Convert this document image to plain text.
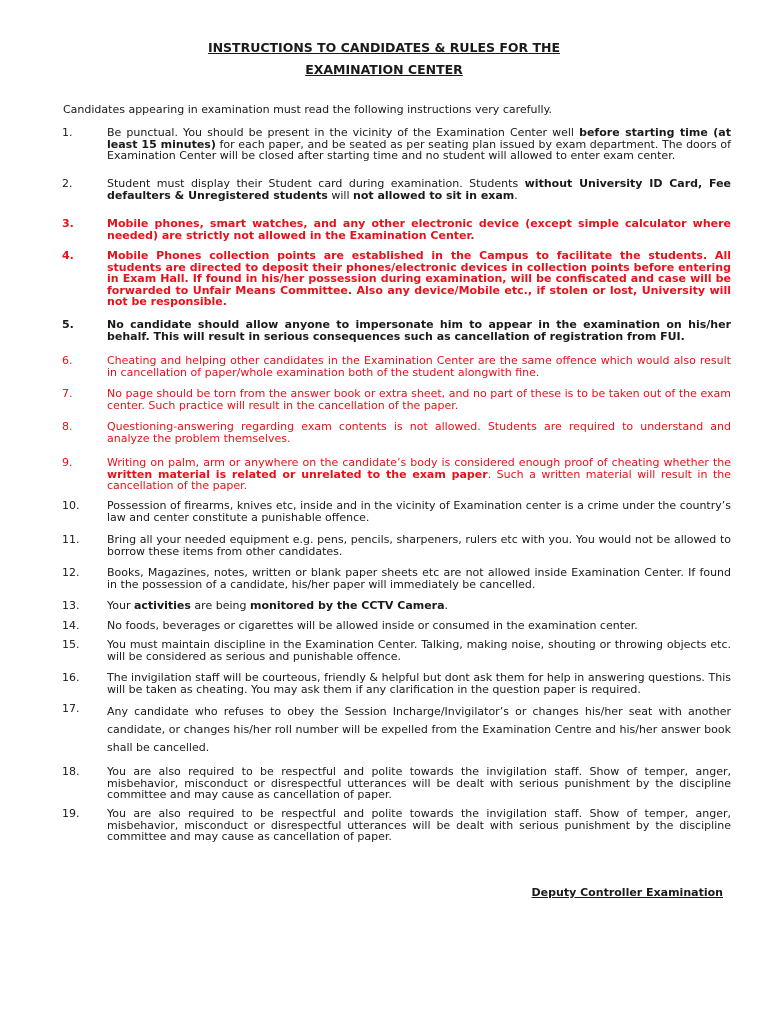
INSTRUCTIONS TO CANDIDATES & RULES FOR THE
EXAMINATION CENTER
Candidates appearing in examination must read the following instructions very carefully.
1.	Be punctual. You should be present in the vicinity of the Examination Center well before starting time (at least 15 minutes) for each paper, and be seated as per seating plan issued by exam department. The doors of Examination Center will be closed after starting time and no student will allowed to enter exam center.
2.	Student must display their Student card during examination. Students without University ID Card, Fee defaulters & Unregistered students will not allowed to sit in exam.
3.	Mobile phones, smart watches, and any other electronic device (except simple calculator where needed) are strictly not allowed in the Examination Center.
4.	Mobile Phones collection points are established in the Campus to facilitate the students. All students are directed to deposit their phones/electronic devices in collection points before entering in Exam Hall. If found in his/her possession during examination, will be confiscated and case will be forwarded to Unfair Means Committee. Also any device/Mobile etc., if stolen or lost, University will not be responsible.
5.	No candidate should allow anyone to impersonate him to appear in the examination on his/her behalf. This will result in serious consequences such as cancellation of registration from FUI.
6.	Cheating and helping other candidates in the Examination Center are the same offence which would also result in cancellation of paper/whole examination both of the student alongwith fine.
7.	No page should be torn from the answer book or extra sheet, and no part of these is to be taken out of the exam center. Such practice will result in the cancellation of the paper.
8.	Questioning-answering regarding exam contents is not allowed. Students are required to understand and analyze the problem themselves.
9.	Writing on palm, arm or anywhere on the candidate’s body is considered enough proof of cheating whether the written material is related or unrelated to the exam paper. Such a written material will result in the cancellation of the paper.
10.	Possession of firearms, knives etc, inside and in the vicinity of Examination center is a crime under the country’s law and center constitute a punishable offence.
11.	Bring all your needed equipment e.g. pens, pencils, sharpeners, rulers etc with you. You would not be allowed to borrow these items from other candidates.
12.	Books, Magazines, notes, written or blank paper sheets etc are not allowed inside Examination Center. If found in the possession of a candidate, his/her paper will immediately be cancelled.
13.	Your activities are being monitored by the CCTV Camera.
14.	No foods, beverages or cigarettes will be allowed inside or consumed in the examination center.
15.	You must maintain discipline in the Examination Center. Talking, making noise, shouting or throwing objects etc. will be considered as serious and punishable offence.
16.	The invigilation staff will be courteous, friendly & helpful but dont ask them for help in answering questions. This will be taken as cheating. You may ask them if any clarification in the question paper is required.
17.	Any candidate who refuses to obey the Session Incharge/Invigilator’s or changes his/her seat with another candidate, or changes his/her roll number will be expelled from the Examination Centre and his/her answer book shall be cancelled.
18.	You are also required to be respectful and polite towards the invigilation staff. Show of temper, anger, misbehavior, misconduct or disrespectful utterances will be dealt with serious punishment by the discipline committee and may cause as cancellation of paper.
19.	You are also required to be respectful and polite towards the invigilation staff. Show of temper, anger, misbehavior, misconduct or disrespectful utterances will be dealt with serious punishment by the discipline committee and may cause as cancellation of paper.
Deputy Controller Examination
